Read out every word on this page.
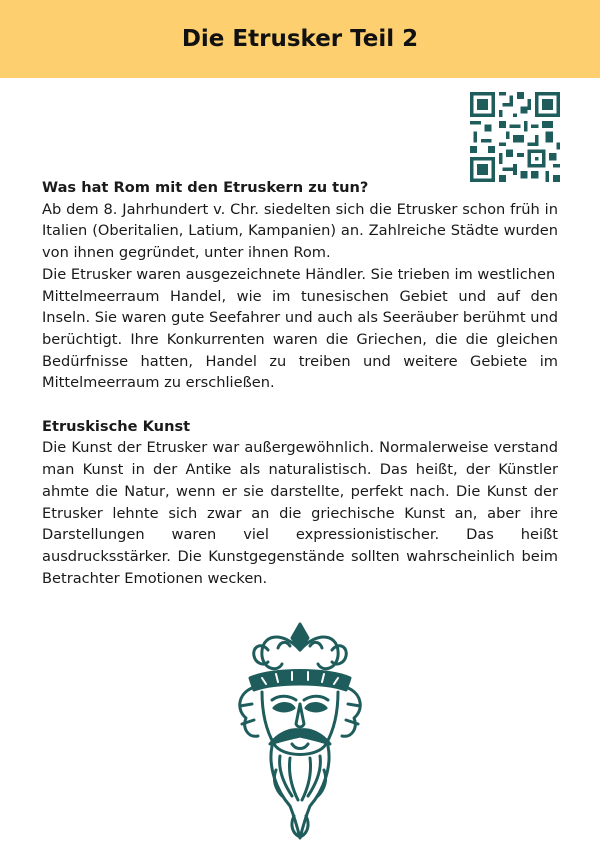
Die Etrusker Teil 2
Was hat Rom mit den Etruskern zu tun?

Ab dem 8. Jahrhundert v. Chr. siedelten sich die Etrusker schon früh in Italien (Oberitalien, Latium, Kampanien) an. Zahlreiche Städte wurden von ihnen gegründet, unter ihnen Rom.

Die Etrusker waren ausgezeichnete Händler. Sie trieben im westlichen

Mittelmeerraum Handel, wie im tunesischen Gebiet und auf den Inseln. Sie waren gute Seefahrer und auch als Seeräuber berühmt und berüchtigt. Ihre Konkurrenten waren die Griechen, die die gleichen Bedürfnisse hatten, Handel zu treiben und weitere Gebiete im Mittelmeerraum zu erschließen.

Etruskische Kunst

Die Kunst der Etrusker war außergewöhnlich. Normalerweise verstand man Kunst in der Antike als naturalistisch. Das heißt, der Künstler ahmte die Natur, wenn er sie darstellte, perfekt nach. Die Kunst der Etrusker lehnte sich zwar an die griechische Kunst an, aber ihre Darstellungen waren viel expressionistischer. Das heißt ausdrucksstärker. Die Kunstgegenstände sollten wahrscheinlich beim Betrachter Emotionen wecken.
